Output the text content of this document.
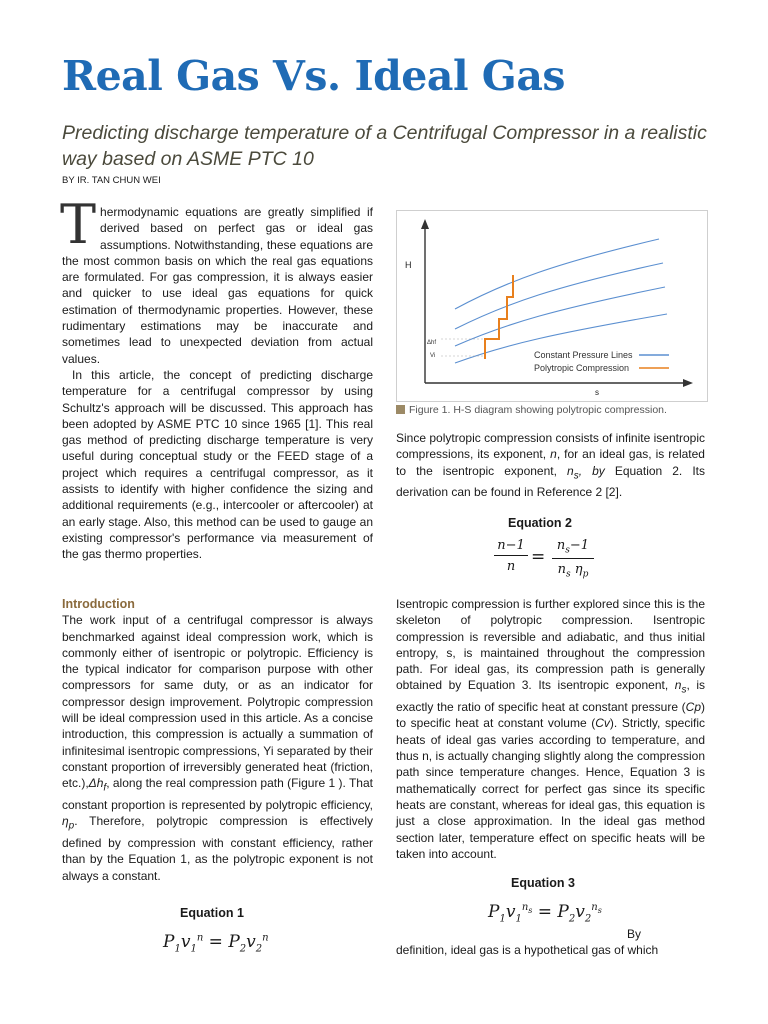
Real Gas Vs. Ideal Gas

Predicting discharge temperature of a Centrifugal Compressor in a realistic way based on ASME PTC 10

BY IR. TAN CHUN WEI

T hermodynamic equations are greatly simplified if derived based on perfect gas or ideal gas assumptions. Notwithstanding, these equations are the most common basis on which the real gas equations are formulated. For gas compression, it is always easier and quicker to use ideal gas equations for quick estimation of thermodynamic properties. However, these rudimentary estimations may be inaccurate and sometimes lead to unexpected deviation from actual values.

In this article, the concept of predicting discharge temperature for a centrifugal compressor by using Schultz's approach will be discussed. This approach has been adopted by ASME PTC 10 since 1965 [1]. This real gas method of predicting discharge temperature is very useful during conceptual study or the FEED stage of a project which requires a centrifugal compressor, as it assists to identify with higher confidence the sizing and additional requirements (e.g., intercooler or aftercooler) at an early stage. Also, this method can be used to gauge an existing compressor's performance via measurement of the gas thermo properties.

Introduction

The work input of a centrifugal compressor is always benchmarked against ideal compression work, which is commonly either of isentropic or polytropic. Efficiency is the typical indicator for comparison purpose with other compressors for same duty, or as an indicator for compressor design improvement. Polytropic compression will be ideal compression used in this article. As a concise introduction, this compression is actually a summation of infinitesimal isentropic compressions, Yi separated by their constant proportion of irreversibly generated heat (friction, $etc.),\Delta h_f$, along the real compression path (Figure 1 ). That constant proportion is represented by polytropic efficiency, $\eta_p$. Therefore, polytropic compression is effectively defined by compression with constant efficiency, rather than by the Equation 1, as the polytropic exponent is not always a constant.

Equation 1
$P_1v_1^n = P_2v_2^n$
H
s
Δhf
Vi	Constant Pressure Lines
Polytropic Compression
Figure 1. H-S diagram showing polytropic compression.

Since polytropic compression consists of infinite isentropic compressions, its exponent, n, for an ideal gas, is related to the isentropic exponent, $n_s$, by Equation 2. Its derivation can be found in Reference 2 [2].

Equation 2
$\frac{n-1}{n} = \frac{n_s-1}{n_s \eta_p}$

Isentropic compression is further explored since this is the skeleton of polytropic compression. Isentropic compression is reversible and adiabatic, and thus initial entropy, s, is maintained throughout the compression path. For ideal gas, its compression path is generally obtained by Equation 3. Its isentropic exponent, $n_s$, is exactly the ratio of specific heat at constant pressure (Cp) to specific heat at constant volume (Cv). Strictly, specific heats of ideal gas varies according to temperature, and thus n, is actually changing slightly along the compression path since temperature changes. Hence, Equation 3 is mathematically correct for perfect gas since its specific heats are constant, whereas for ideal gas, this equation is just a close approximation. In the ideal gas method section later, temperature effect on specific heats will be taken into account.

Equation 3
$P_1v_1^{n_s} = P_2v_2^{n_s}$
By
definition, ideal gas is a hypothetical gas of which
